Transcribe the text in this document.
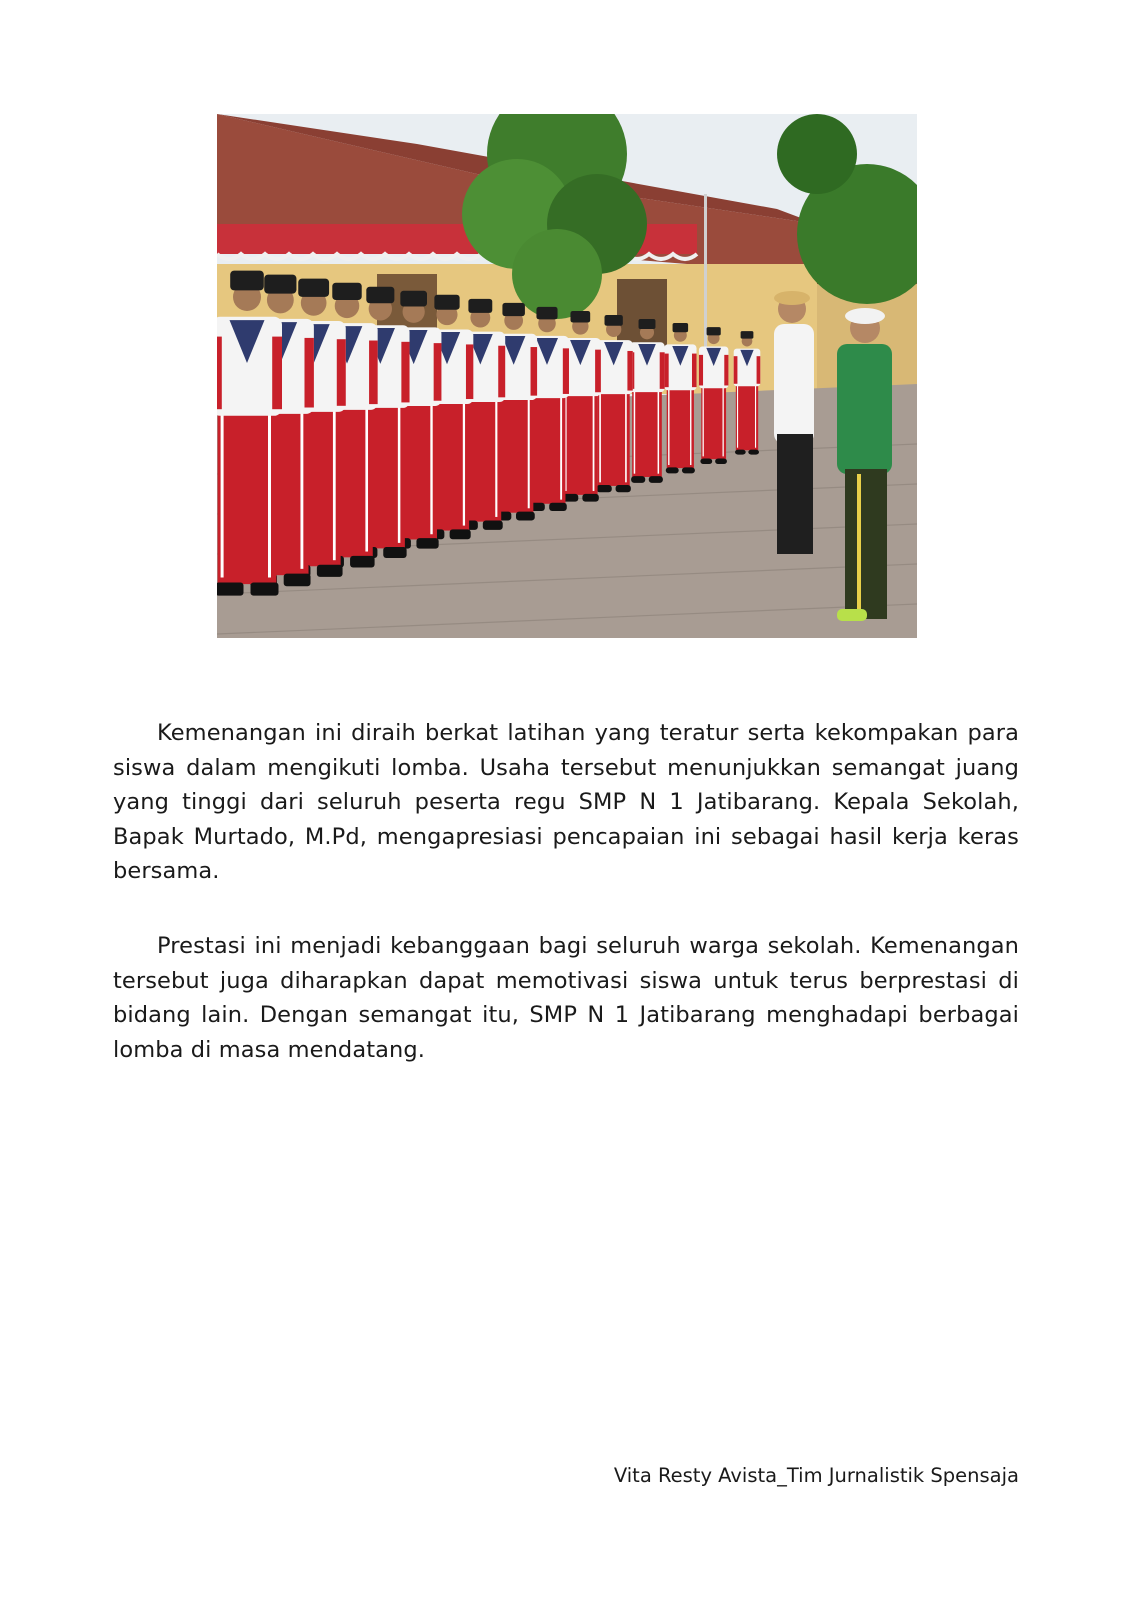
Kemenangan ini diraih berkat latihan yang teratur serta kekompakan para siswa dalam mengikuti lomba. Usaha tersebut menunjukkan semangat juang yang tinggi dari seluruh peserta regu SMP N 1 Jatibarang. Kepala Sekolah, Bapak Murtado, M.Pd, mengapresiasi pencapaian ini sebagai hasil kerja keras bersama.

Prestasi ini menjadi kebanggaan bagi seluruh warga sekolah. Kemenangan tersebut juga diharapkan dapat memotivasi siswa untuk terus berprestasi di bidang lain. Dengan semangat itu, SMP N 1 Jatibarang menghadapi berbagai lomba di masa mendatang.

Vita Resty Avista_Tim Jurnalistik Spensaja
